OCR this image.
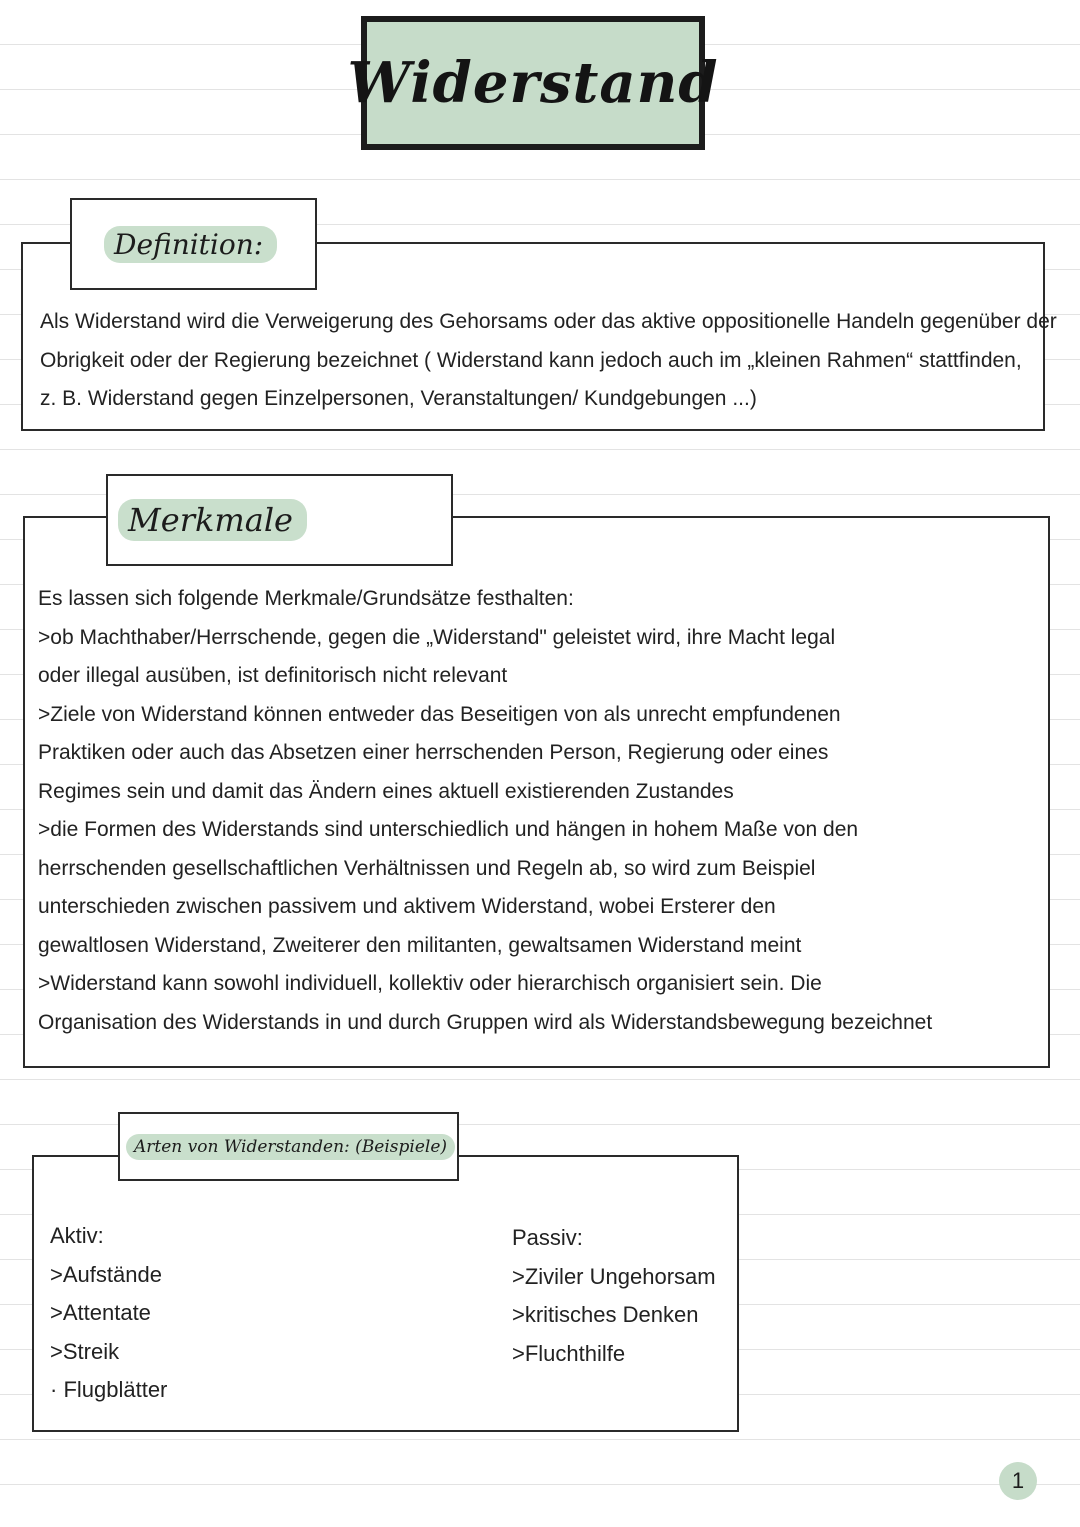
Widerstand
Definition:
Als Widerstand wird die Verweigerung des Gehorsams oder das aktive oppositionelle Handeln gegenüber der
Obrigkeit oder der Regierung bezeichnet ( Widerstand kann jedoch auch im „kleinen Rahmen“ stattfinden,
z. B. Widerstand gegen Einzelpersonen, Veranstaltungen/ Kundgebungen ...)
Merkmale
Es lassen sich folgende Merkmale/Grundsätze festhalten:
>ob Machthaber/Herrschende, gegen die „Widerstand" geleistet wird, ihre Macht legal
oder illegal ausüben, ist definitorisch nicht relevant
>Ziele von Widerstand können entweder das Beseitigen von als unrecht empfundenen
Praktiken oder auch das Absetzen einer herrschenden Person, Regierung oder eines
Regimes sein und damit das Ändern eines aktuell existierenden Zustandes
>die Formen des Widerstands sind unterschiedlich und hängen in hohem Maße von den
herrschenden gesellschaftlichen Verhältnissen und Regeln ab, so wird zum Beispiel
unterschieden zwischen passivem und aktivem Widerstand, wobei Ersterer den
gewaltlosen Widerstand, Zweiterer den militanten, gewaltsamen Widerstand meint
>Widerstand kann sowohl individuell, kollektiv oder hierarchisch organisiert sein. Die
Organisation des Widerstands in und durch Gruppen wird als Widerstandsbewegung bezeichnet
Arten von Widerstanden: (Beispiele)
Aktiv:
>Aufstände
>Attentate
>Streik
· Flugblätter
Passiv:
>Ziviler Ungehorsam
>kritisches Denken
>Fluchthilfe
1
